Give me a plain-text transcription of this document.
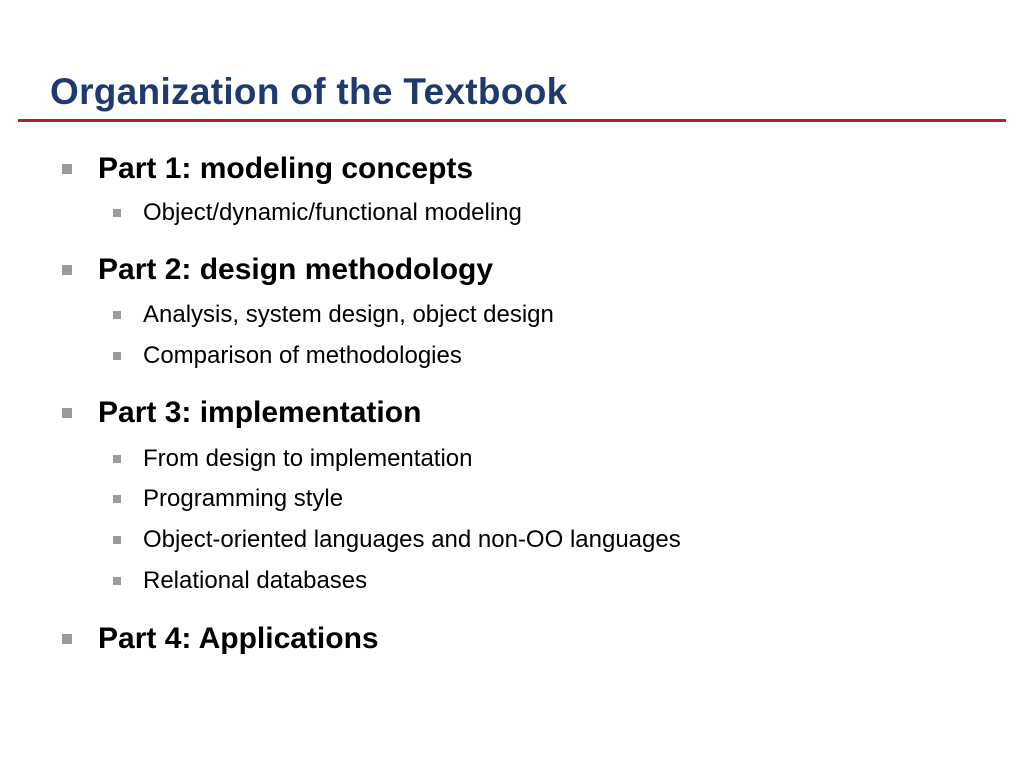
Organization of the Textbook
Part 1: modeling concepts
Object/dynamic/functional modeling
Part 2: design methodology
Analysis, system design, object design
Comparison of methodologies
Part 3: implementation
From design to implementation
Programming style
Object-oriented languages and non-OO languages
Relational databases
Part 4: Applications
